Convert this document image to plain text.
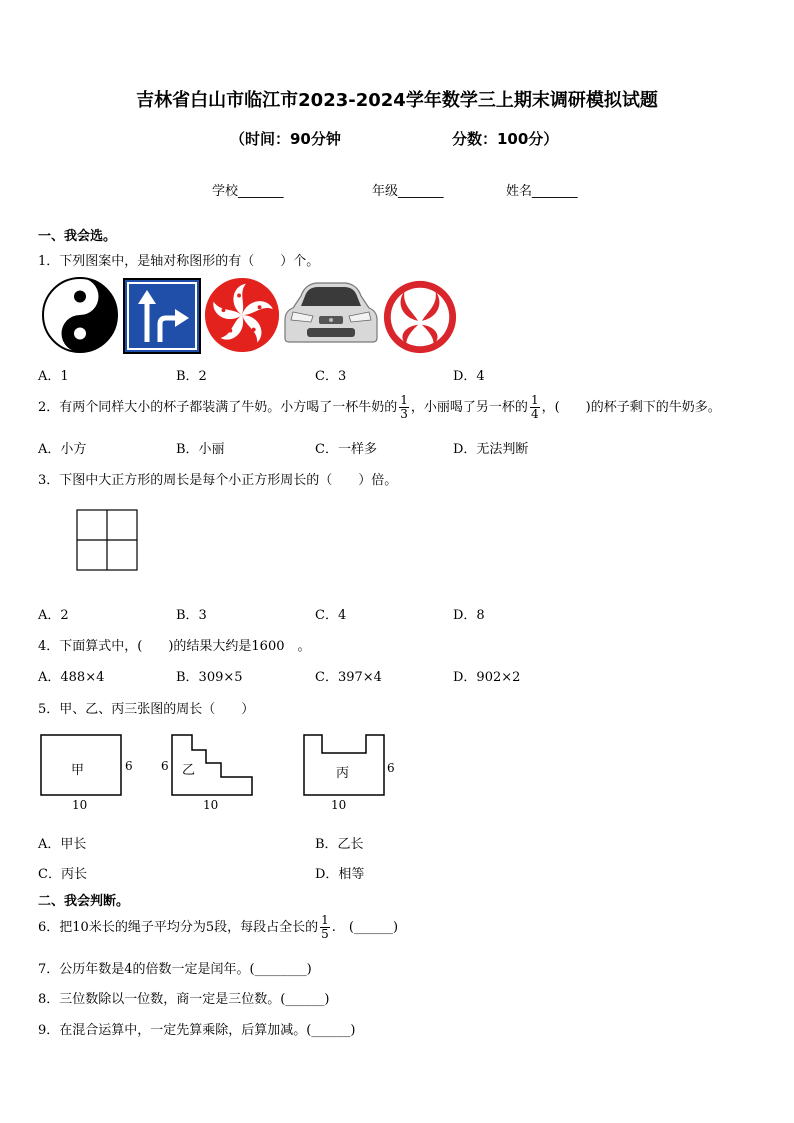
吉林省白山市临江市2023-2024学年数学三上期末调研模拟试题
（时间：90分钟	分数：100分）
学校_______	年级_______	姓名_______
一、我会选。
1．下列图案中，是轴对称图形的有（　　）个。
A．1	B．2	C．3	D．4
2．有两个同样大小的杯子都装满了牛奶。小方喝了一杯牛奶的 $\frac{1}{3}$ ，小丽喝了另一杯的 $\frac{1}{4}$ ，(　　)的杯子剩下的牛奶多。
A．小方	B．小丽	C．一样多	D．无法判断
3．下图中大正方形的周长是每个小正方形周长的（　　）倍。
A．2	B．3	C．4	D．8
4．下面算式中，(　　)的结果大约是1600　。
A．488×4	B．309×5	C．397×4	D．902×2
5．甲、乙、丙三张图的周长（　　）
甲	6
10
乙
6
10
丙	6
10
A．甲长	B．乙长
C．丙长	D．相等
二、我会判断。
6．把10米长的绳子平均分为5段，每段占全长的 $\frac{1}{5}$ .　(______)
7．公历年数是4的倍数一定是闰年。(________)
8．三位数除以一位数，商一定是三位数。(______)
9．在混合运算中，一定先算乘除，后算加减。(______)
